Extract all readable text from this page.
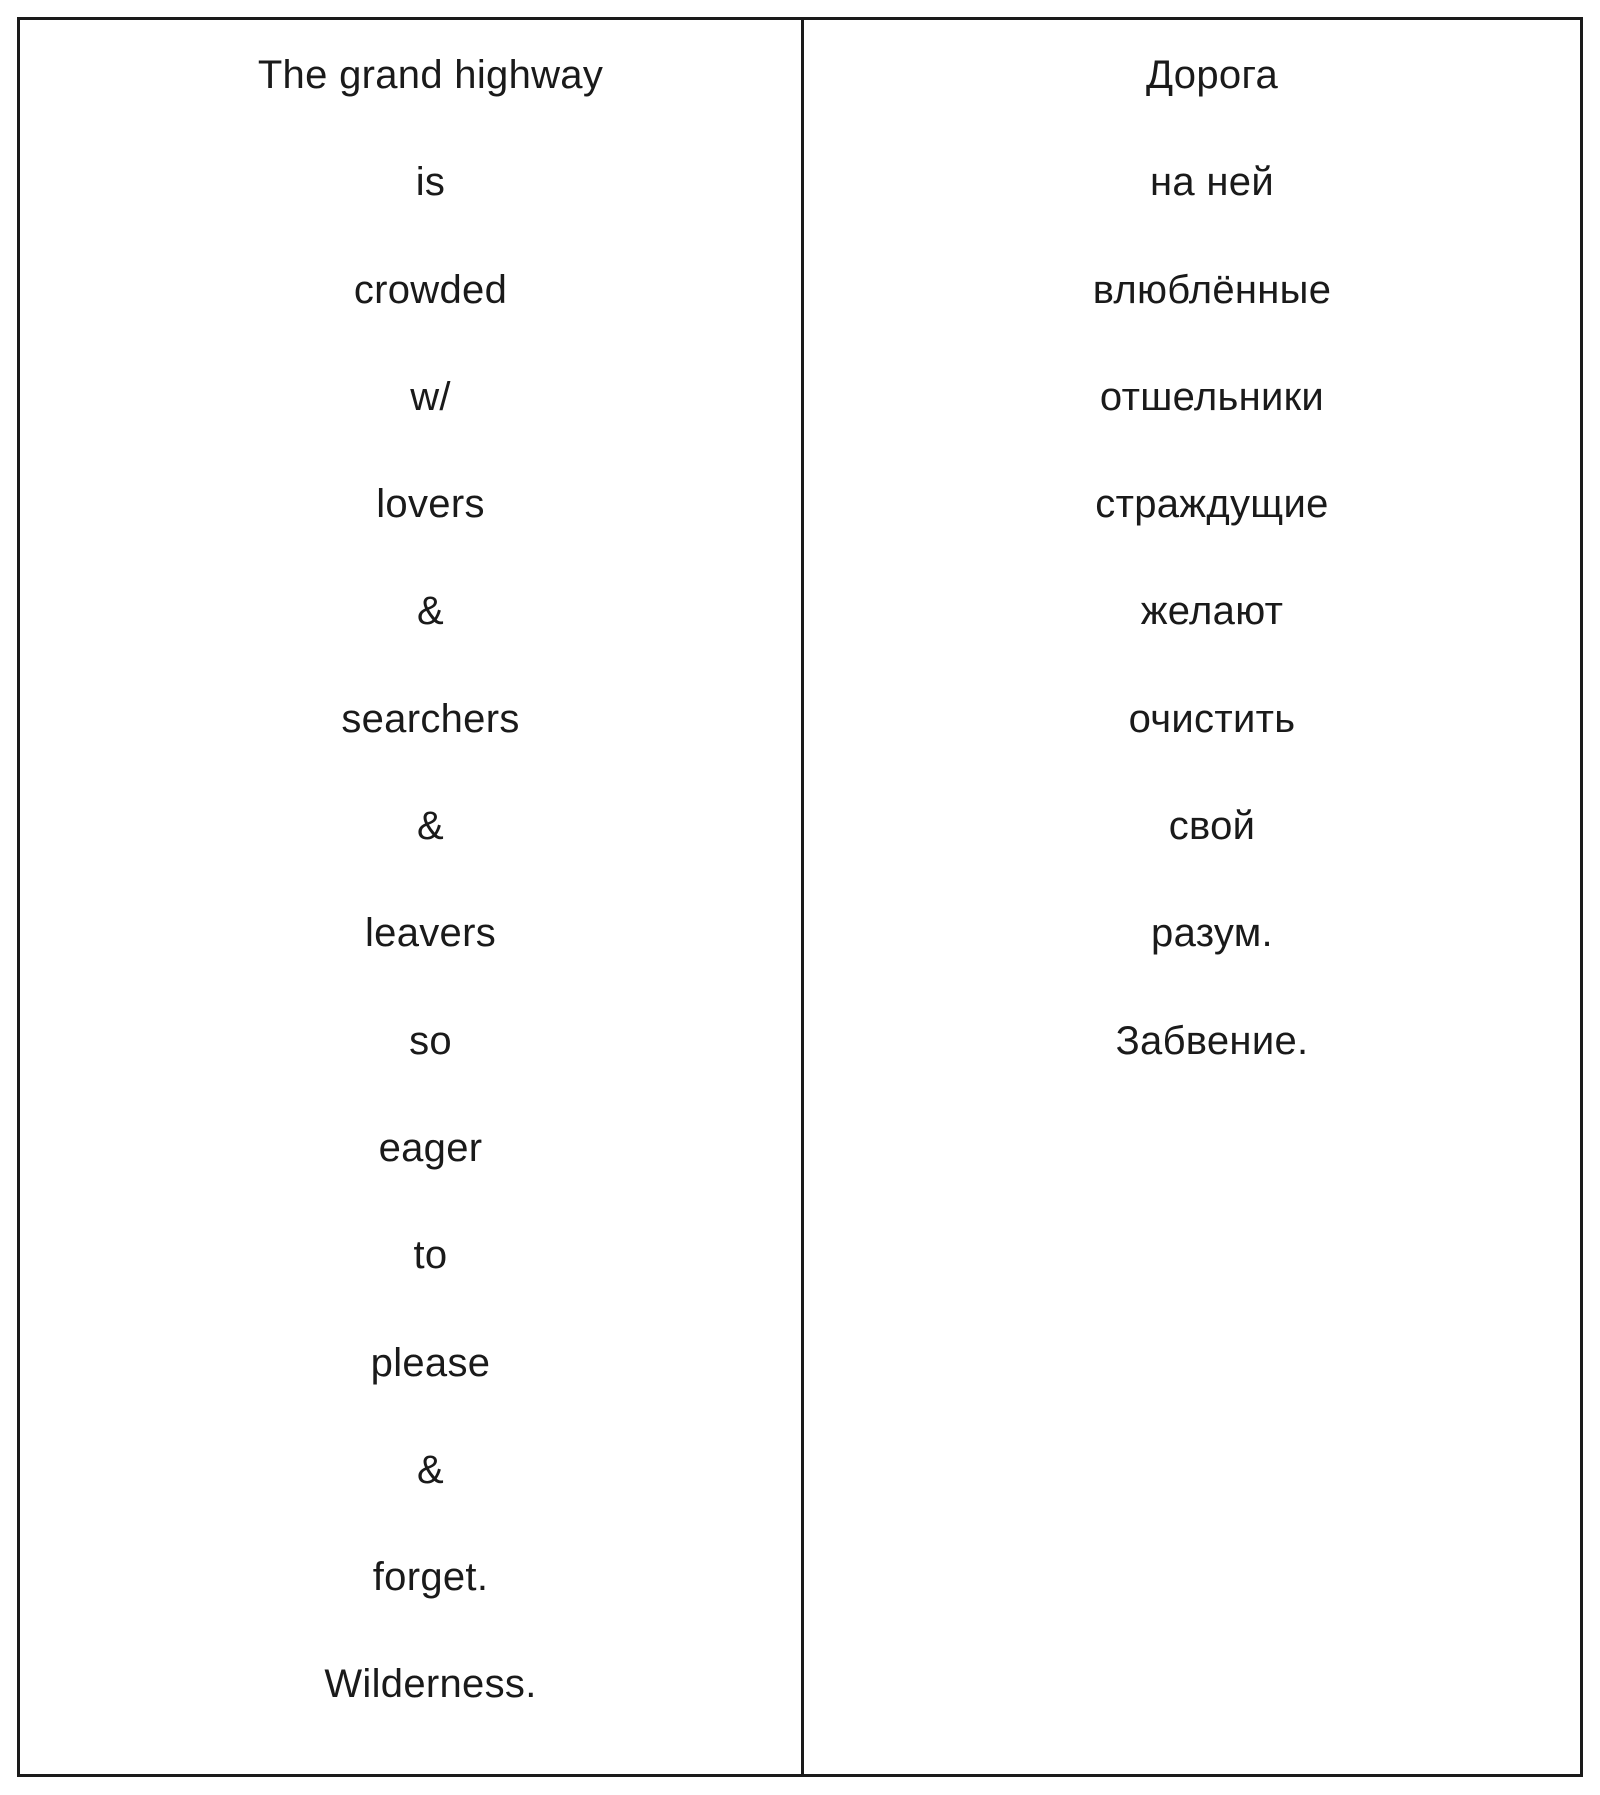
The grand highway
is
crowded
w/
lovers
&
searchers
&
leavers
so
eager
to
please
&
forget.
Wilderness.
Дорога
на ней
влюблённые
отшельники
страждущие
желают
очистить
свой
разум.
Забвение.
